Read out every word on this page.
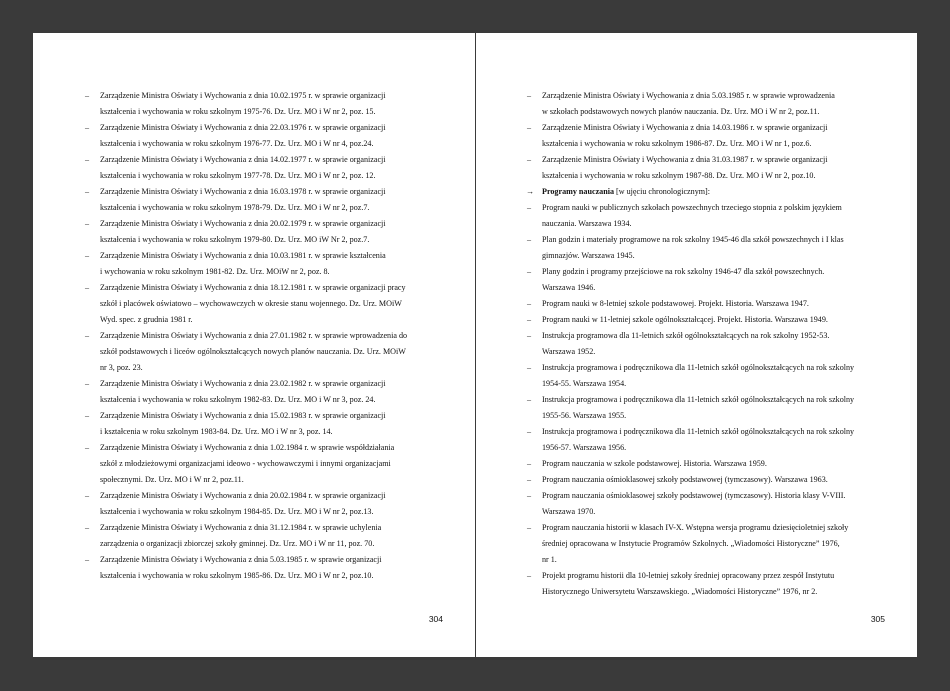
– Zarządzenie Ministra Oświaty i Wychowania z dnia 10.02.1975 r. w sprawie organizacji
kształcenia i wychowania w roku szkolnym 1975-76. Dz. Urz. MO i W nr 2, poz. 15.
– Zarządzenie Ministra Oświaty i Wychowania z dnia 22.03.1976 r. w sprawie organizacji
kształcenia i wychowania w roku szkolnym 1976-77. Dz. Urz. MO i W nr 4, poz.24.
– Zarządzenie Ministra Oświaty i Wychowania z dnia 14.02.1977 r. w sprawie organizacji
kształcenia i wychowania w roku szkolnym 1977-78. Dz. Urz. MO i W nr 2, poz. 12.
– Zarządzenie Ministra Oświaty i Wychowania z dnia 16.03.1978 r. w sprawie organizacji
kształcenia i wychowania w roku szkolnym 1978-79. Dz. Urz. MO i W nr 2, poz.7.
– Zarządzenie Ministra Oświaty i Wychowania z dnia 20.02.1979 r. w sprawie organizacji
kształcenia i wychowania w roku szkolnym 1979-80. Dz. Urz. MO iW Nr 2, poz.7.
– Zarządzenie Ministra Oświaty i Wychowania z dnia 10.03.1981 r. w sprawie kształcenia
i wychowania w roku szkolnym 1981-82. Dz. Urz. MOiW nr 2, poz. 8.
– Zarządzenie Ministra Oświaty i Wychowania z dnia 18.12.1981 r. w sprawie organizacji pracy
szkół i placówek oświatowo – wychowawczych w okresie stanu wojennego. Dz. Urz. MOiW
Wyd. spec. z grudnia 1981 r.
– Zarządzenie Ministra Oświaty i Wychowania z dnia 27.01.1982 r. w sprawie wprowadzenia do
szkół podstawowych i liceów ogólnokształcących nowych planów nauczania. Dz. Urz. MOiW
nr 3, poz. 23.
– Zarządzenie Ministra Oświaty i Wychowania z dnia 23.02.1982 r. w sprawie organizacji
kształcenia i wychowania w roku szkolnym 1982-83. Dz. Urz. MO i W nr 3, poz. 24.
– Zarządzenie Ministra Oświaty i Wychowania z dnia 15.02.1983 r. w sprawie organizacji
i kształcenia w roku szkolnym 1983-84. Dz. Urz. MO i W nr 3, poz. 14.
– Zarządzenie Ministra Oświaty i Wychowania z dnia 1.02.1984 r. w sprawie współdziałania
szkół z młodzieżowymi organizacjami ideowo - wychowawczymi i innymi organizacjami
społecznymi. Dz. Urz. MO i W nr 2, poz.11.
– Zarządzenie Ministra Oświaty i Wychowania z dnia 20.02.1984 r. w sprawie organizacji
kształcenia i wychowania w roku szkolnym 1984-85. Dz. Urz. MO i W nr 2, poz.13.
– Zarządzenie Ministra Oświaty i Wychowania z dnia 31.12.1984 r. w sprawie uchylenia
zarządzenia o organizacji zbiorczej szkoły gminnej. Dz. Urz. MO i W nr 11, poz. 70.
– Zarządzenie Ministra Oświaty i Wychowania z dnia 5.03.1985 r. w sprawie organizacji
kształcenia i wychowania w roku szkolnym 1985-86. Dz. Urz. MO i W nr 2, poz.10.
304
– Zarządzenie Ministra Oświaty i Wychowania z dnia 5.03.1985 r. w sprawie wprowadzenia
w szkołach podstawowych nowych planów nauczania. Dz. Urz. MO i W nr 2, poz.11.
– Zarządzenie Ministra Oświaty i Wychowania z dnia 14.03.1986 r. w sprawie organizacji
kształcenia i wychowania w roku szkolnym 1986-87. Dz. Urz. MO i W nr 1, poz.6.
– Zarządzenie Ministra Oświaty i Wychowania z dnia 31.03.1987 r. w sprawie organizacji
kształcenia i wychowania w roku szkolnym 1987-88. Dz. Urz. MO i W nr 2, poz.10.
→ Programy nauczania [w ujęciu chronologicznym]:
– Program nauki w publicznych szkołach powszechnych trzeciego stopnia z polskim językiem
nauczania. Warszawa 1934.
– Plan godzin i materiały programowe na rok szkolny 1945-46 dla szkół powszechnych i I klas
gimnazjów. Warszawa 1945.
– Plany godzin i programy przejściowe na rok szkolny 1946-47 dla szkół powszechnych.
Warszawa 1946.
– Program nauki w 8-letniej szkole podstawowej. Projekt. Historia. Warszawa 1947.
– Program nauki w 11-letniej szkole ogólnokształcącej. Projekt. Historia. Warszawa 1949.
– Instrukcja programowa dla 11-letnich szkół ogólnokształcących na rok szkolny 1952-53.
Warszawa 1952.
– Instrukcja programowa i podręcznikowa dla 11-letnich szkół ogólnokształcących na rok szkolny
1954-55. Warszawa 1954.
– Instrukcja programowa i podręcznikowa dla 11-letnich szkół ogólnokształcących na rok szkolny
1955-56. Warszawa 1955.
– Instrukcja programowa i podręcznikowa dla 11-letnich szkół ogólnokształcących na rok szkolny
1956-57. Warszawa 1956.
– Program nauczania w szkole podstawowej. Historia. Warszawa 1959.
– Program nauczania ośmioklasowej szkoły podstawowej (tymczasowy). Warszawa 1963.
– Program nauczania ośmioklasowej szkoły podstawowej (tymczasowy). Historia klasy V-VIII.
Warszawa 1970.
– Program nauczania historii w klasach IV-X. Wstępna wersja programu dziesięcioletniej szkoły
średniej opracowana w Instytucie Programów Szkolnych. „Wiadomości Historyczne” 1976,
nr 1.
– Projekt programu historii dla 10-letniej szkoły średniej opracowany przez zespół Instytutu
Historycznego Uniwersytetu Warszawskiego. „Wiadomości Historyczne” 1976, nr 2.
305
